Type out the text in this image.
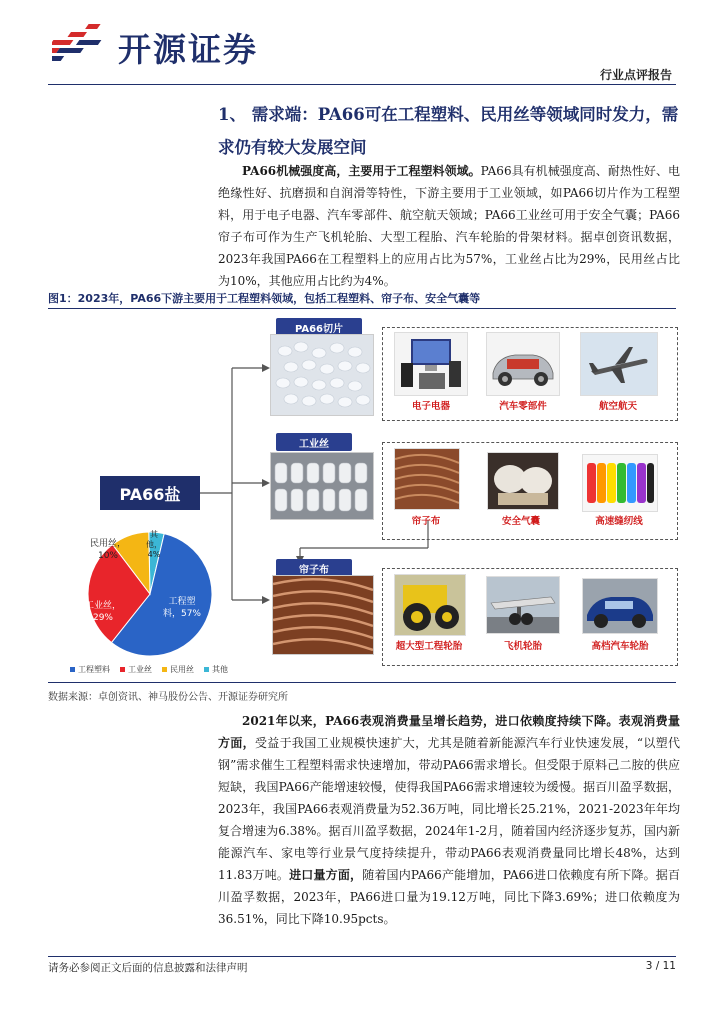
开源证券
行业点评报告
1、 需求端：PA66可在工程塑料、民用丝等领域同时发力，需
求仍有较大发展空间
PA66机械强度高，主要用于工程塑料领域。PA66具有机械强度高、耐热性好、电绝缘性好、抗磨损和自润滑等特性，下游主要用于工业领域，如PA66切片作为工程塑料，用于电子电器、汽车零部件、航空航天领域；PA66工业丝可用于安全气囊；PA66帘子布可作为生产飞机轮胎、大型工程胎、汽车轮胎的骨架材料。据卓创资讯数据，2023年我国PA66在工程塑料上的应用占比为57%，工业丝占比为29%，民用丝占比为10%，其他应用占比约为4%。
图1：2023年，PA66下游主要用于工程塑料领域，包括工程塑料、帘子布、安全气囊等
PA66盐
PA66切片
电子电器	汽车零部件	航空航天
工业丝
帘子布	安全气囊	高速缝纫线
帘子布
超大型工程轮胎	飞机轮胎	高档汽车轮胎
工程塑
料，57%
工业丝，
29%
民用丝，
10%
其
他，
4%
工程塑料	工业丝	民用丝	其他
数据来源：卓创资讯、神马股份公告、开源证券研究所
2021年以来，PA66表观消费量呈增长趋势，进口依赖度持续下降。表观消费量方面，受益于我国工业规模快速扩大，尤其是随着新能源汽车行业快速发展，“以塑代钢”需求催生工程塑料需求快速增加，带动PA66需求增长。但受限于原料己二胺的供应短缺，我国PA66产能增速较慢，使得我国PA66需求增速较为缓慢。据百川盈孚数据，2023年，我国PA66表观消费量为52.36万吨，同比增长25.21%，2021-2023年年均复合增速为6.38%。据百川盈孚数据，2024年1-2月，随着国内经济逐步复苏，国内新能源汽车、家电等行业景气度持续提升，带动PA66表观消费量同比增长48%，达到11.83万吨。进口量方面，随着国内PA66产能增加，PA66进口依赖度有所下降。据百川盈孚数据，2023年，PA66进口量为19.12万吨，同比下降3.69%；进口依赖度为36.51%，同比下降10.95pcts。
请务必参阅正文后面的信息披露和法律声明	3 / 11
